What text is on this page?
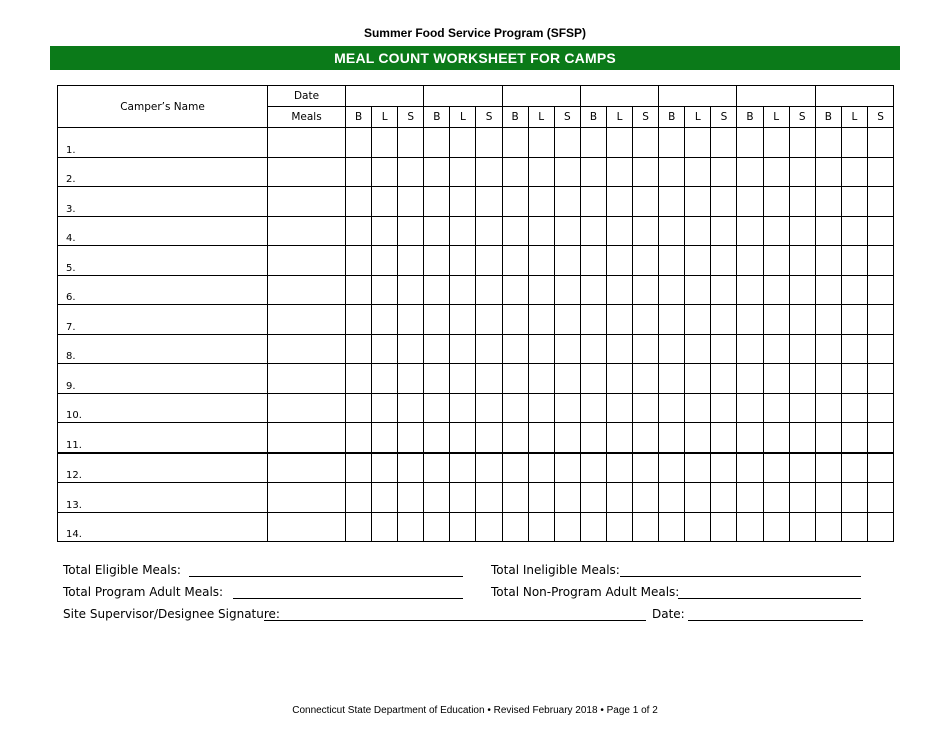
Summer Food Service Program (SFSP)
MEAL COUNT WORKSHEET FOR CAMPS
Camper’s Name	Date																					
	Meals	B	L	S	B	L	S	B	L	S	B	L	S	B	L	S	B	L	S	B	L	S
1.																						
2.																						
3.																						
4.																						
5.																						
6.																						
7.																						
8.																						
9.																						
10.																						
11.																						
12.																						
13.																						
14.																						
Total Eligible Meals:	Total Ineligible Meals:
Total Program Adult Meals:	Total Non-Program Adult Meals:
Site Supervisor/Designee Signature:	Date:
Connecticut State Department of Education • Revised February 2018 • Page 1 of 2
